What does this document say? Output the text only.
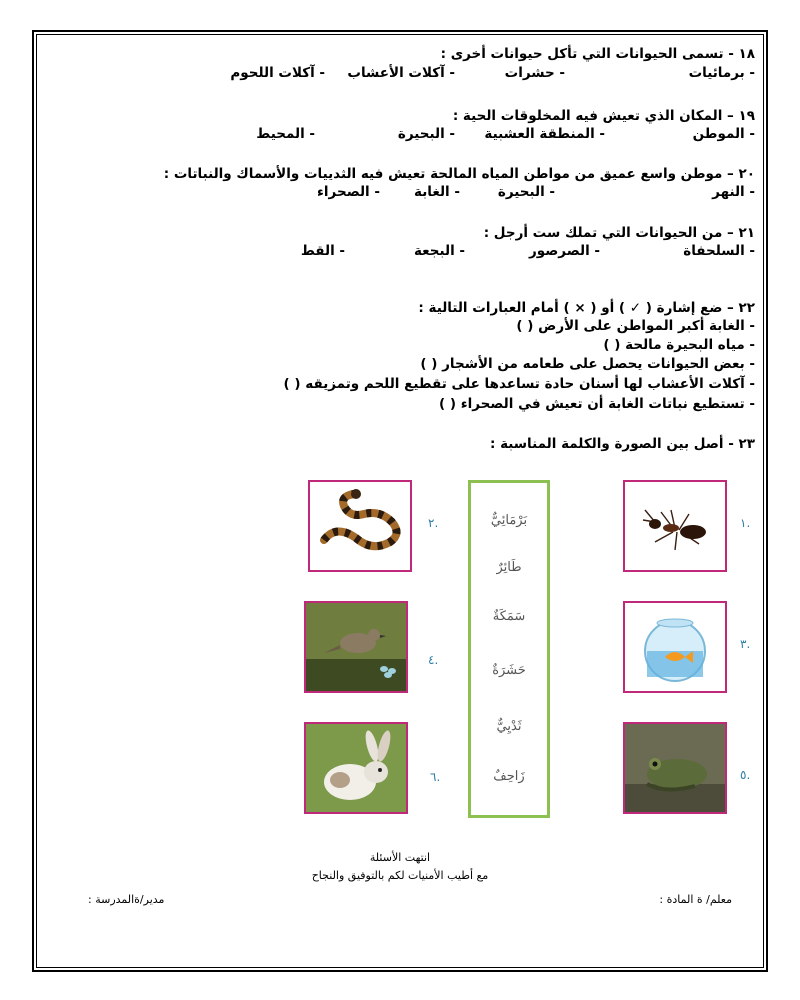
١٨ - تسمى الحيوانات التي تأكل حيوانات أخرى :
- برمائيات
- حشرات
- آكلات الأعشاب
- آكلات اللحوم
١٩ – المكان الذي تعيش فيه المخلوقات الحية :
- الموطن
- المنطقة العشبية
- البحيرة
- المحيط
٢٠ – موطن واسع عميق من مواطن المياه المالحة تعيش فيه الثدييات والأسماك والنباتات :
- النهر
- البحيرة
- الغابة
- الصحراء
٢١ – من الحيوانات التي تملك ست أرجل :
- السلحفاة
- الصرصور
- البجعة
- القط
٢٢ – ضع إشارة ( ✓ ) أو ( × ) أمام العبارات التالية :
- الغابة أكبر المواطن على الأرض ( )
- مياه البحيرة مالحة ( )
- بعض الحيوانات يحصل على طعامه من الأشجار ( )
- آكلات الأعشاب لها أسنان حادة تساعدها على تقطيع اللحم وتمزيقه ( )
- تستطيع نباتات الغابة أن تعيش في الصحراء ( )
٢٣ - أصل بين الصورة والكلمة المناسبة :
.١
.٣
.٥
.٢
.٤
.٦
بَرْمَائِيٌّ
طَائِرٌ
سَمَكَةٌ
حَشَرَةٌ
ثَدْيِيٌّ
زَاحِفٌ
انتهت الأسئلة
مع أطيب الأمنيات لكم بالتوفيق والنجاح
معلم/ ة المادة :
مدير/ةالمدرسة :
